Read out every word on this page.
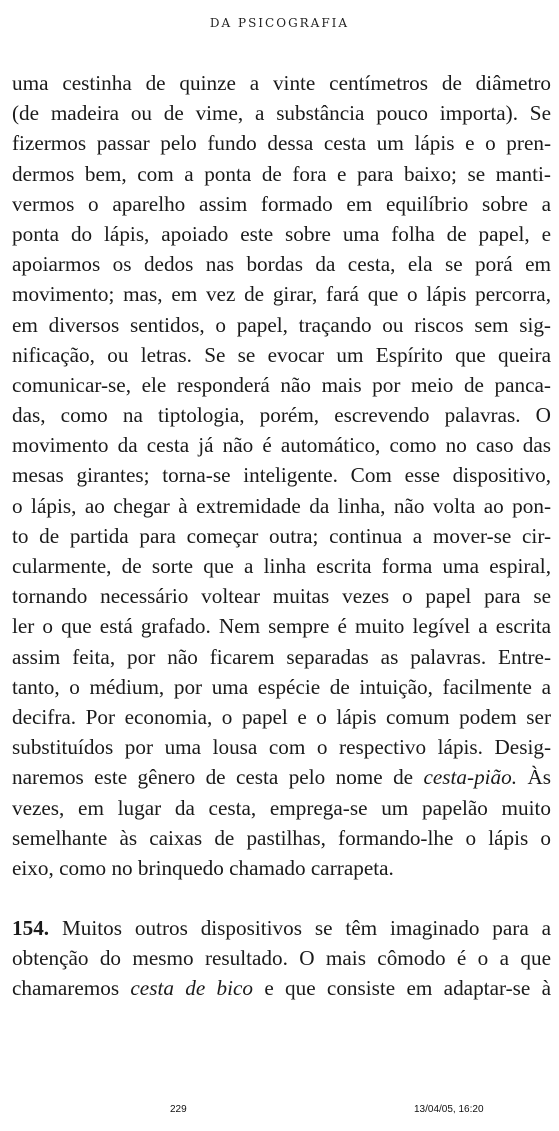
DA PSICOGRAFIA
uma cestinha de quinze a vinte centímetros de diâmetro
(de madeira ou de vime, a substância pouco importa). Se
fizermos passar pelo fundo dessa cesta um lápis e o pren-
dermos bem, com a ponta de fora e para baixo; se manti-
vermos o aparelho assim formado em equilíbrio sobre a
ponta do lápis, apoiado este sobre uma folha de papel, e
apoiarmos os dedos nas bordas da cesta, ela se porá em
movimento; mas, em vez de girar, fará que o lápis percorra,
em diversos sentidos, o papel, traçando ou riscos sem sig-
nificação, ou letras. Se se evocar um Espírito que queira
comunicar-se, ele responderá não mais por meio de panca-
das, como na tiptologia, porém, escrevendo palavras. O
movimento da cesta já não é automático, como no caso das
mesas girantes; torna-se inteligente. Com esse dispositivo,
o lápis, ao chegar à extremidade da linha, não volta ao pon-
to de partida para começar outra; continua a mover-se cir-
cularmente, de sorte que a linha escrita forma uma espiral,
tornando necessário voltear muitas vezes o papel para se
ler o que está grafado. Nem sempre é muito legível a escrita
assim feita, por não ficarem separadas as palavras. Entre-
tanto, o médium, por uma espécie de intuição, facilmente a
decifra. Por economia, o papel e o lápis comum podem ser
substituídos por uma lousa com o respectivo lápis. Desig-
naremos este gênero de cesta pelo nome de cesta-pião. Às
vezes, em lugar da cesta, emprega-se um papelão muito
semelhante às caixas de pastilhas, formando-lhe o lápis o
eixo, como no brinquedo chamado carrapeta.
154. Muitos outros dispositivos se têm imaginado para a
obtenção do mesmo resultado. O mais cômodo é o a que
chamaremos cesta de bico e que consiste em adaptar-se à
229	13/04/05, 16:20
